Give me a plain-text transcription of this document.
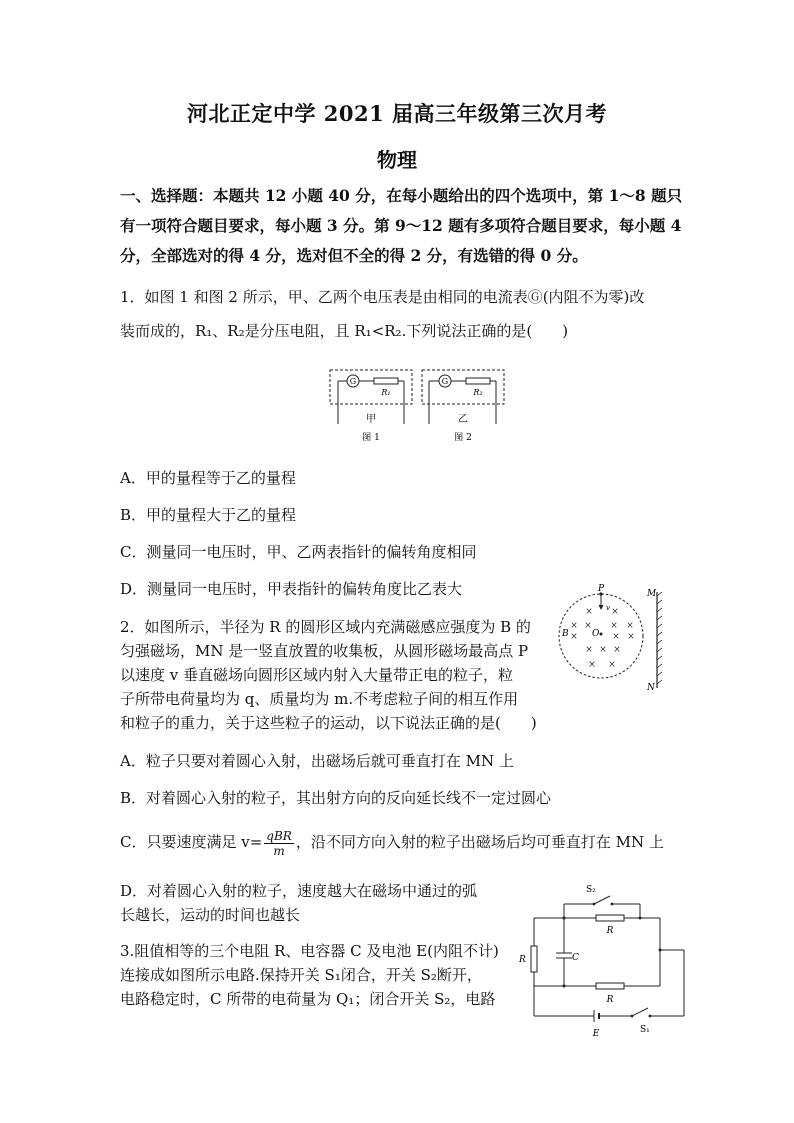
河北正定中学 2021 届高三年级第三次月考
物理
一、选择题：本题共 12 小题 40 分，在每小题给出的四个选项中，第 1～8 题只
有一项符合题目要求，每小题 3 分。第 9～12 题有多项符合题目要求，每小题 4
分，全部选对的得 4 分，选对但不全的得 2 分，有选错的得 0 分。
1．如图 1 和图 2 所示，甲、乙两个电压表是由相同的电流表Ⓖ(内阻不为零)改
装而成的，R₁、R₂是分压电阻，且 R₁<R₂.下列说法正确的是(　　)
G	G
R₁	R₂
甲	乙
图 1	图 2
A．甲的量程等于乙的量程
B．甲的量程大于乙的量程
C．测量同一电压时，甲、乙两表指针的偏转角度相同
D．测量同一电压时，甲表指针的偏转角度比乙表大
2．如图所示，半径为 R 的圆形区域内充满磁感应强度为 B 的
匀强磁场，MN 是一竖直放置的收集板，从圆形磁场最高点 P
以速度 v 垂直磁场向圆形区域内射入大量带正电的粒子，粒
子所带电荷量均为 q、质量均为 m.不考虑粒子间的相互作用
和粒子的重力，关于这些粒子的运动，以下说法正确的是(　　)
P
v
O
B
M
N
× ×
× × × ×
×	× ×
× × ×
× ×
A．粒子只要对着圆心入射，出磁场后就可垂直打在 MN 上
B．对着圆心入射的粒子，其出射方向的反向延长线不一定过圆心
C．只要速度满足 $v= \frac{\text{qBR}}{m}$ ，沿不同方向入射的粒子出磁场后均可垂直打在 MN 上
D．对着圆心入射的粒子，速度越大在磁场中通过的弧
长越长，运动的时间也越长
3.阻值相等的三个电阻 R、电容器 C 及电池 E(内阻不计)
连接成如图所示电路.保持开关 S₁闭合，开关 S₂断开，
电路稳定时，C 所带的电荷量为 Q₁；闭合开关 S₂，电路
S₂
R
R	C
R
E	S₁
